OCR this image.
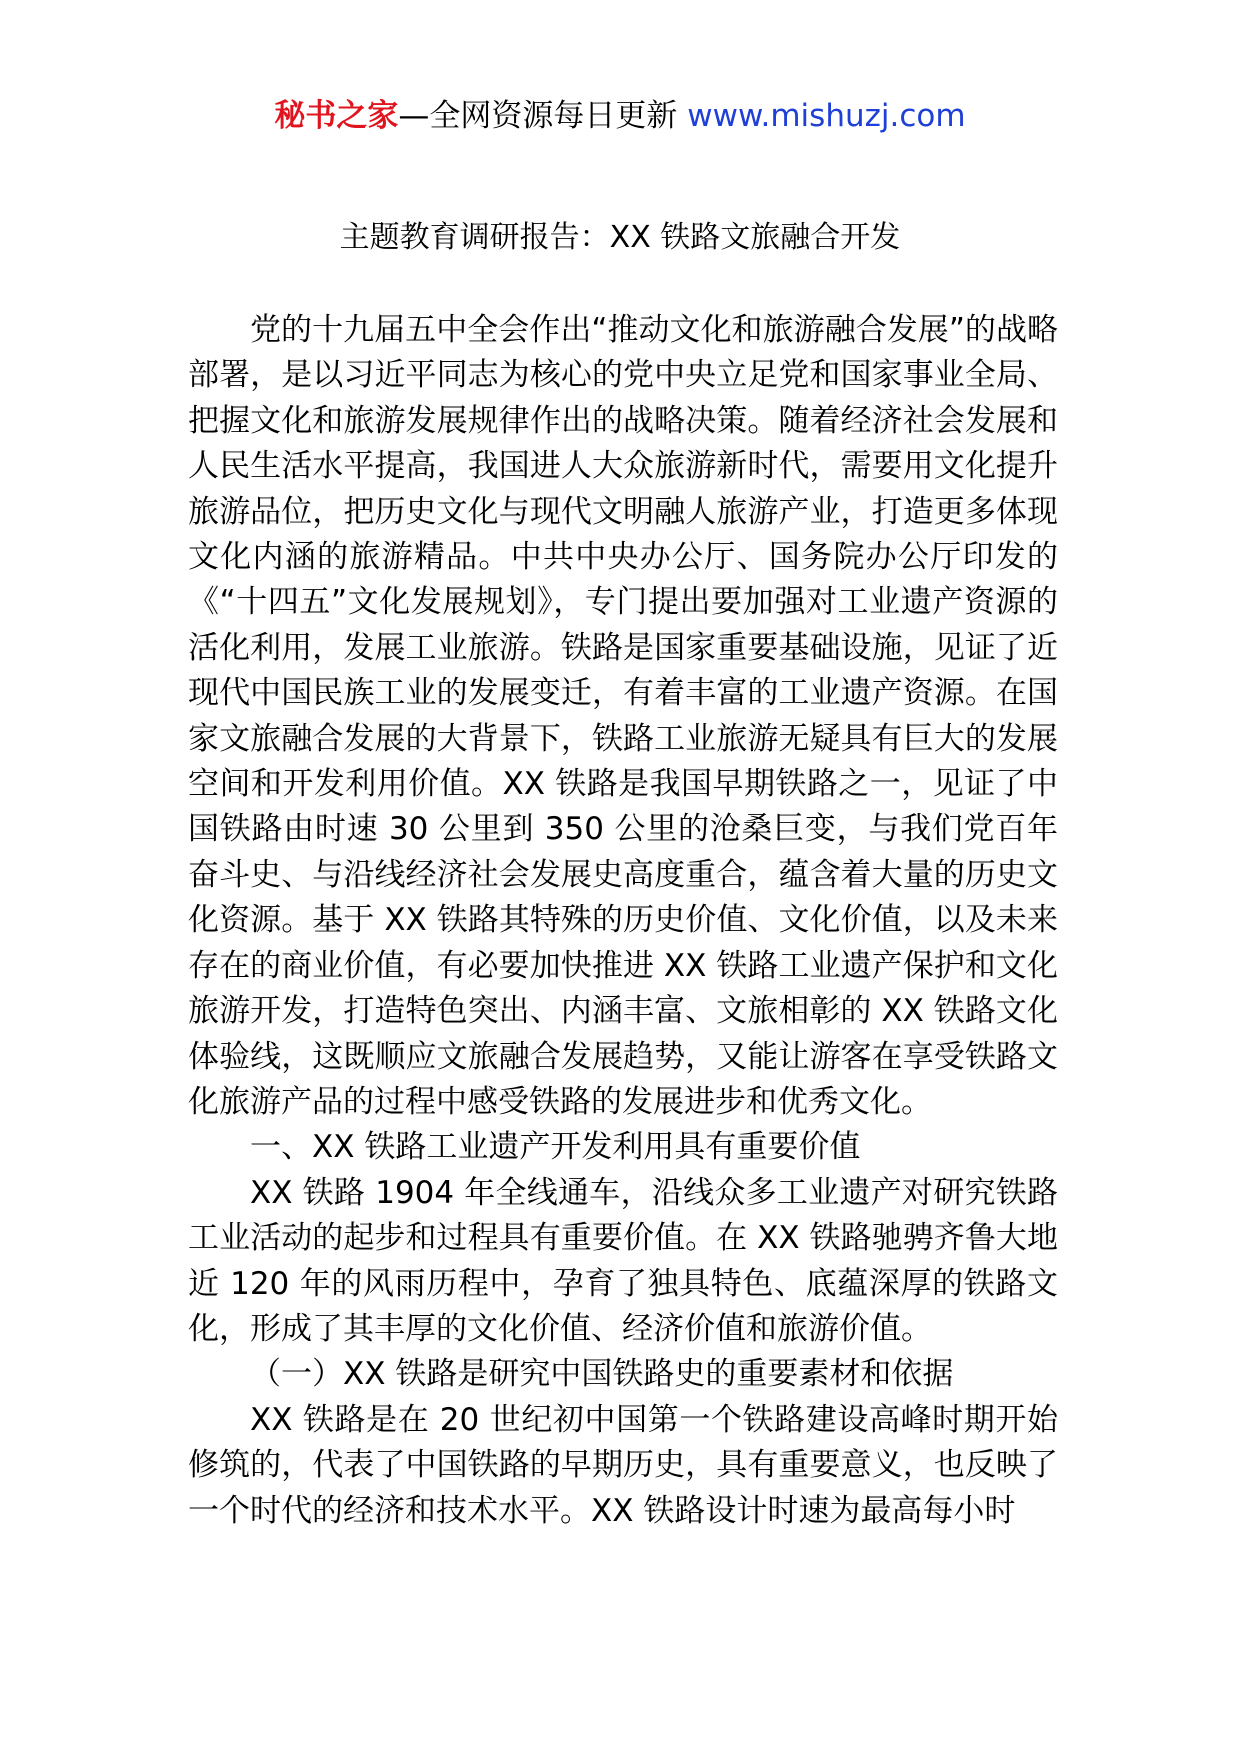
秘书之家—全网资源每日更新 www.mishuzj.com
主题教育调研报告：XX 铁路文旅融合开发

党的十九届五中全会作出“推动文化和旅游融合发展”的战略部署，是以习近平同志为核心的党中央立足党和国家事业全局、把握文化和旅游发展规律作出的战略决策。随着经济社会发展和人民生活水平提高，我国进人大众旅游新时代，需要用文化提升旅游品位，把历史文化与现代文明融人旅游产业，打造更多体现文化内涵的旅游精品。中共中央办公厅、国务院办公厅印发的《“十四五”文化发展规划》，专门提出要加强对工业遗产资源的活化利用，发展工业旅游。铁路是国家重要基础设施，见证了近现代中国民族工业的发展变迁，有着丰富的工业遗产资源。在国家文旅融合发展的大背景下，铁路工业旅游无疑具有巨大的发展空间和开发利用价值。XX 铁路是我国早期铁路之一，见证了中国铁路由时速 30 公里到 350 公里的沧桑巨变，与我们党百年奋斗史、与沿线经济社会发展史高度重合，蕴含着大量的历史文化资源。基于 XX 铁路其特殊的历史价值、文化价值，以及未来存在的商业价值，有必要加快推进 XX 铁路工业遗产保护和文化旅游开发，打造特色突出、内涵丰富、文旅相彰的 XX 铁路文化体验线，这既顺应文旅融合发展趋势，又能让游客在享受铁路文化旅游产品的过程中感受铁路的发展进步和优秀文化。

一、XX 铁路工业遗产开发利用具有重要价值

XX 铁路 1904 年全线通车，沿线众多工业遗产对研究铁路工业活动的起步和过程具有重要价值。在 XX 铁路驰骋齐鲁大地近 120 年的风雨历程中，孕育了独具特色、底蕴深厚的铁路文化，形成了其丰厚的文化价值、经济价值和旅游价值。

（一）XX 铁路是研究中国铁路史的重要素材和依据

XX 铁路是在 20 世纪初中国第一个铁路建设高峰时期开始修筑的，代表了中国铁路的早期历史，具有重要意义，也反映了一个时代的经济和技术水平。XX 铁路设计时速为最高每小时
